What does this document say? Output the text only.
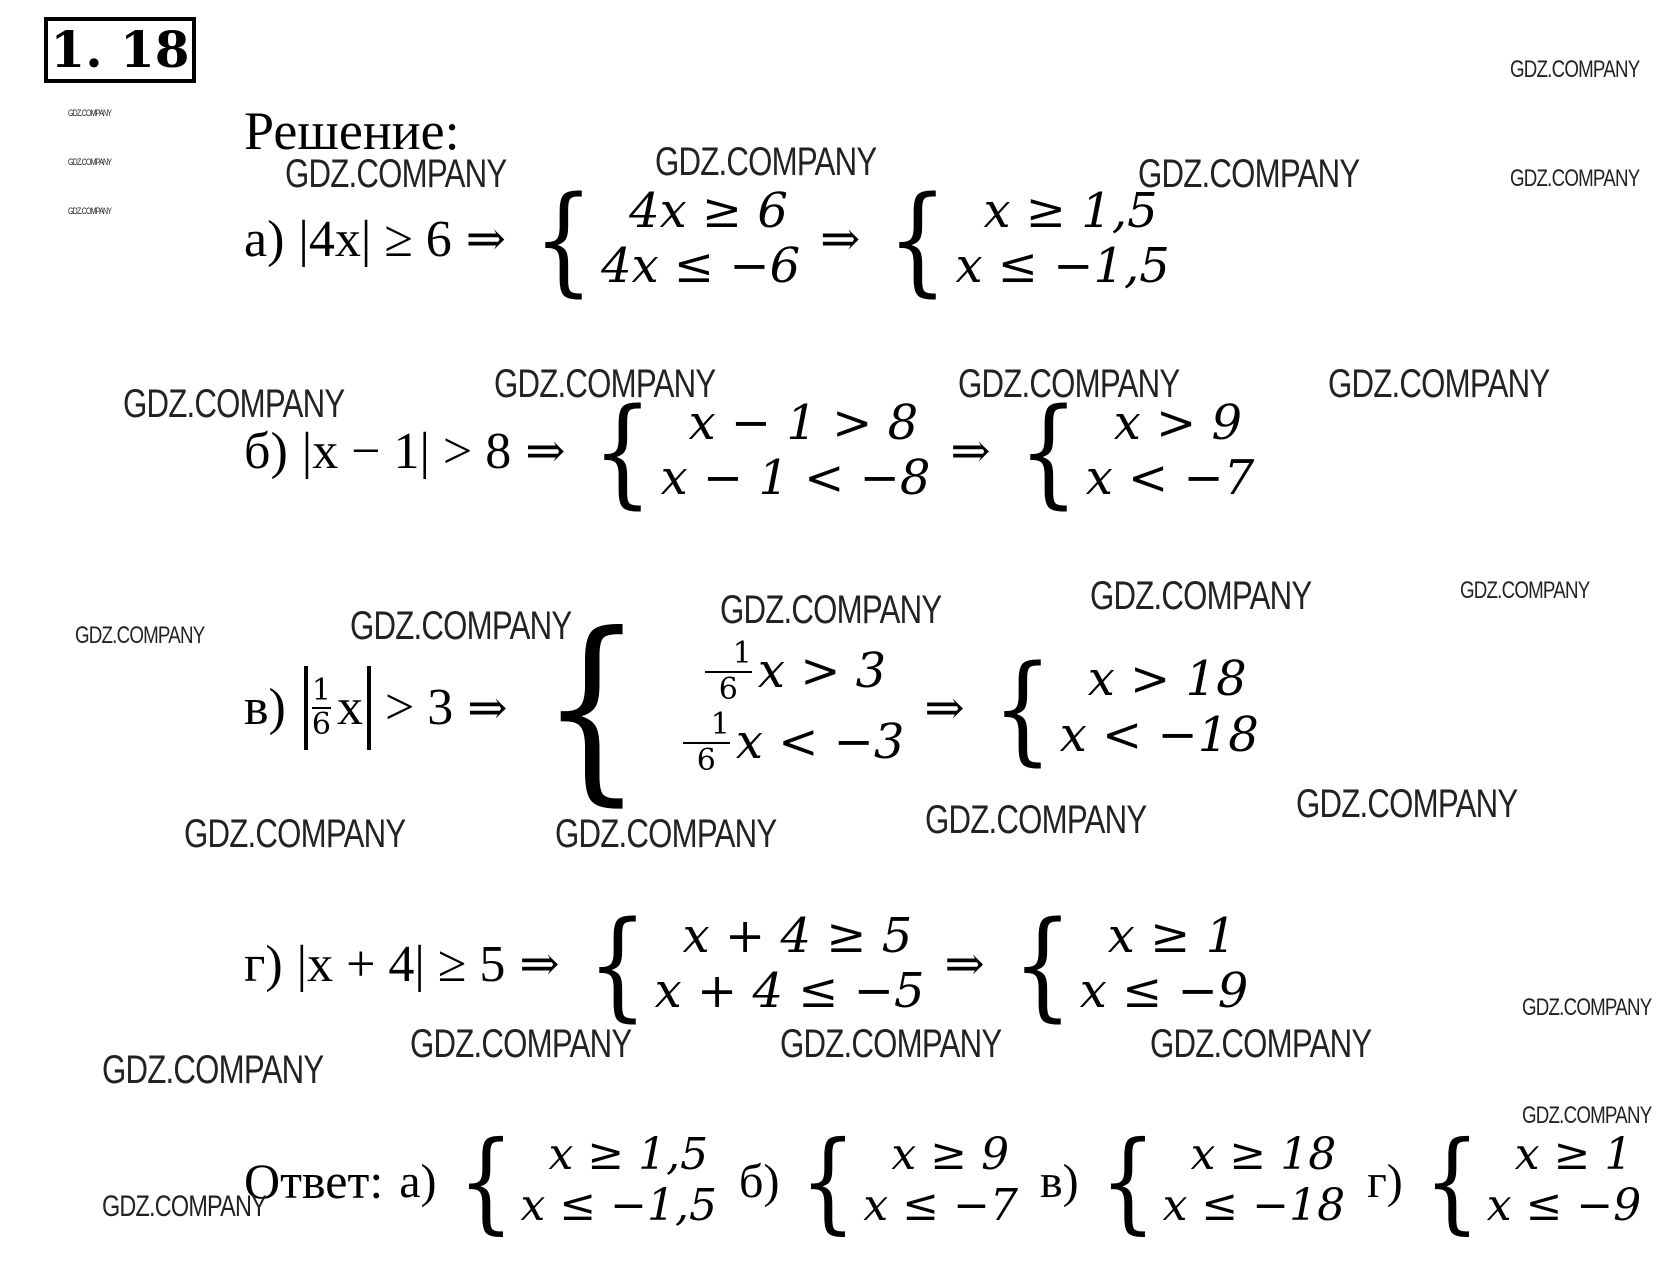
1. 18
Решение:
а) |4x| ≥ 6 ⇒ { 4x ≥ 6
4x ≤ −6 ⇒ { x ≥ 1,5
x ≤ −1,5
б) |x − 1| > 8 ⇒ { x − 1 > 8
x − 1 < −8 ⇒ { x > 9
x < −7
$в) \frac{1}{6}$ x > 3 ⇒ { $\frac{1}{6}$ x > 3
$\frac{1}{6}$ x < −3
⇒ { x > 18
x < −18
г) |x + 4| ≥ 5 ⇒ { x + 4 ≥ 5
x + 4 ≤ −5 ⇒ { x ≥ 1
x ≤ −9
Ответ: а) { x ≥ 1,5
x ≤ −1,5 б) { x ≥ 9
x ≤ −7 в) { x ≥ 18
x ≤ −18 г) { x ≥ 1
x ≤ −9
GDZ.COMPANY
GDZ.COMPANY
GDZ.COMPANY
GDZ.COMPANY
GDZ.COMPANY	GDZ.COMPANY	GDZ.COMPANY	GDZ.COMPANY
GDZ.COMPANY	GDZ.COMPANY	GDZ.COMPANY	GDZ.COMPANY
GDZ.COMPANY	GDZ.COMPANY	GDZ.COMPANY	GDZ.COMPANY	GDZ.COMPANY
GDZ.COMPANY	GDZ.COMPANY	GDZ.COMPANY	GDZ.COMPANY
GDZ.COMPANY
GDZ.COMPANY
GDZ.COMPANY	GDZ.COMPANY	GDZ.COMPANY
GDZ.COMPANY
GDZ.COMPANY
